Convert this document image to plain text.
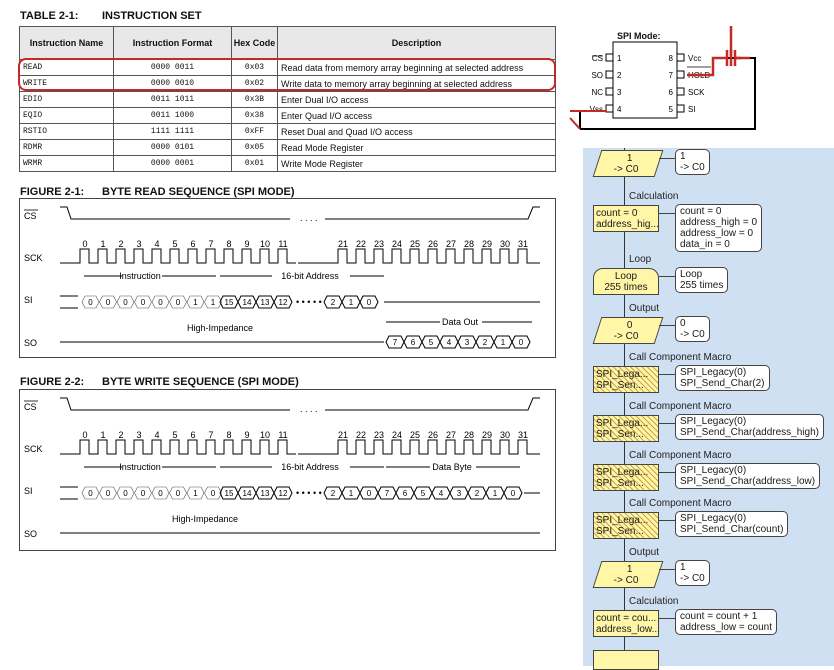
TABLE 2-1: INSTRUCTION SET
Instruction Name	Instruction Format	Hex Code	Description
READ	0000 0011	0x03	Read data from memory array beginning at selected address
WRITE	0000 0010	0x02	Write data to memory array beginning at selected address
EDIO	0011 1011	0x3B	Enter Dual I/O access
EQIO	0011 1000	0x38	Enter Quad I/O access
RSTIO	1111 1111	0xFF	Reset Dual and Quad I/O access
RDMR	0000 0101	0x05	Read Mode Register
WRMR	0000 0001	0x01	Write Mode Register
FIGURE 2-1: BYTE READ SEQUENCE (SPI MODE)
CS
SCK
SI
SO
. . . .
0 1 2 3 4 5 6 7 8 9 10 11	21 22 23 24 25 26 27 28 29 30 31
Instruction	16-bit Address
0 0 0 0 0 0 1 1 15 14 13 12	2 1 0
• • • • •
High-Impedance
Data Out
7 6 5 4 3 2 1 0
FIGURE 2-2: BYTE WRITE SEQUENCE (SPI MODE)
CS
SCK
SI
SO
. . . .
0 1 2 3 4 5 6 7 8 9 10 11	21 22 23 24 25 26 27 28 29 30 31
Instruction	16-bit Address
0 0 0 0 0 0 1 0 15 14 13 12	2 1 0
• • • • •
Data Byte
7 6 5 4 3 2 1 0
High-Impedance
SPI Mode:
CS 1
SO 2
NC 3
Vss 4
8 Vcc
7 HOLD
6 SCK
5 SI
1
-> C0
1
-> C0
Calculation
count = 0
address_hig...
count = 0
address_high = 0
address_low = 0
data_in = 0
Loop
Loop
255 times
Loop
255 times
Output
0
-> C0
0
-> C0
Call Component Macro
SPI_Lega...
SPI_Sen...
SPI_Legacy(0)
SPI_Send_Char(2)
Call Component Macro
SPI_Lega...
SPI_Sen...
SPI_Legacy(0)
SPI_Send_Char(address_high)
Call Component Macro
SPI_Lega...
SPI_Sen...
SPI_Legacy(0)
SPI_Send_Char(address_low)
Call Component Macro
SPI_Lega...
SPI_Sen...
SPI_Legacy(0)
SPI_Send_Char(count)
Output
1
-> C0
1
-> C0
Calculation
count = cou...
address_low...
count = count + 1
address_low = count
